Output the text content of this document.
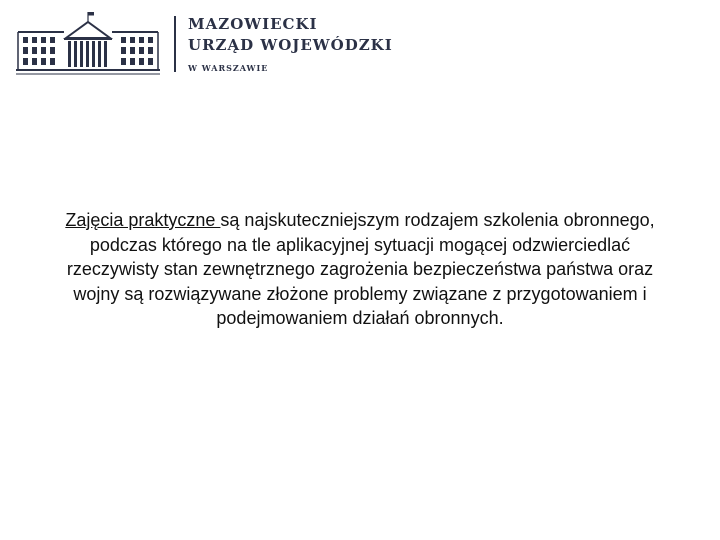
MAZOWIECKI
URZĄD WOJEWÓDZKI
W WARSZAWIE

Zajęcia praktyczne są najskuteczniejszym rodzajem szkolenia obronnego, podczas którego na tle aplikacyjnej sytuacji mogącej odzwierciedlać rzeczywisty stan zewnętrznego zagrożenia bezpieczeństwa państwa oraz wojny są rozwiązywane złożone problemy związane z przygotowaniem i podejmowaniem działań obronnych.
